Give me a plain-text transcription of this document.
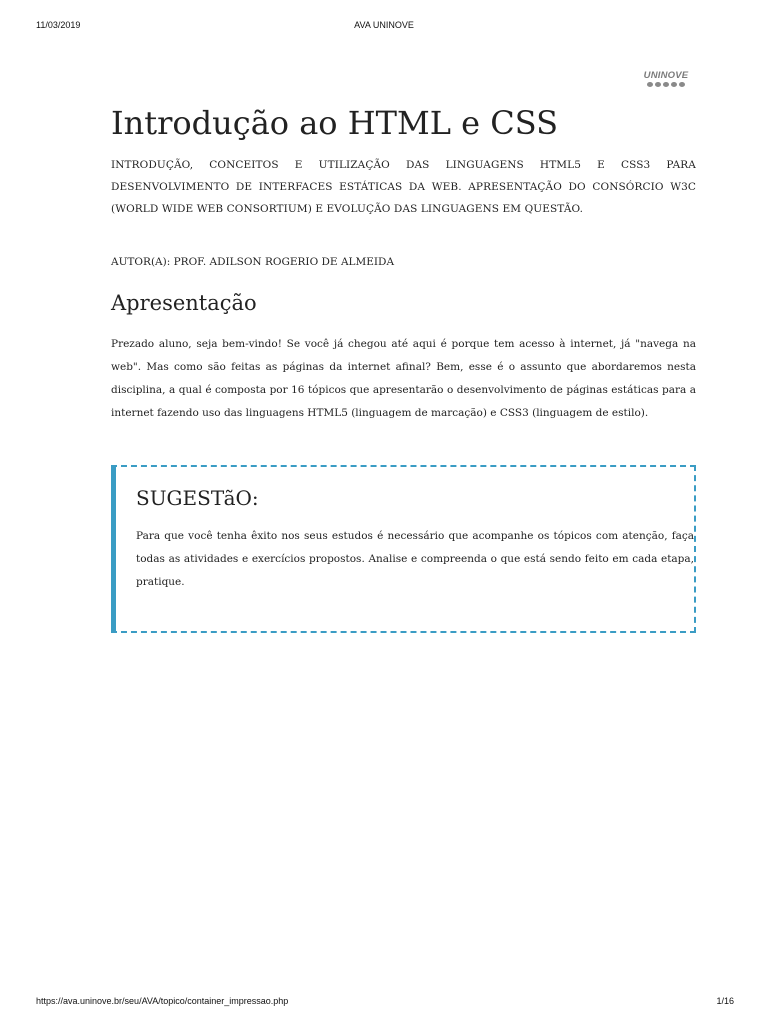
11/03/2019	AVA UNINOVE
UNINOVE
Introdução ao HTML e CSS

INTRODUÇÃO, CONCEITOS E UTILIZAÇÃO DAS LINGUAGENS HTML5 E CSS3 PARA DESENVOLVIMENTO DE INTERFACES ESTÁTICAS DA WEB. APRESENTAÇÃO DO CONSÓRCIO W3C (WORLD WIDE WEB CONSORTIUM) E EVOLUÇÃO DAS LINGUAGENS EM QUESTÃO.

AUTOR(A): PROF. ADILSON ROGERIO DE ALMEIDA

Apresentação

Prezado aluno, seja bem-vindo! Se você já chegou até aqui é porque tem acesso à internet, já "navega na web". Mas como são feitas as páginas da internet afinal? Bem, esse é o assunto que abordaremos nesta disciplina, a qual é composta por 16 tópicos que apresentarão o desenvolvimento de páginas estáticas para a internet fazendo uso das linguagens HTML5 (linguagem de marcação) e CSS3 (linguagem de estilo).

SUGESTãO:

Para que você tenha êxito nos seus estudos é necessário que acompanhe os tópicos com atenção, faça todas as atividades e exercícios propostos. Analise e compreenda o que está sendo feito em cada etapa, pratique.

https://ava.uninove.br/seu/AVA/topico/container_impressao.php	1/16
